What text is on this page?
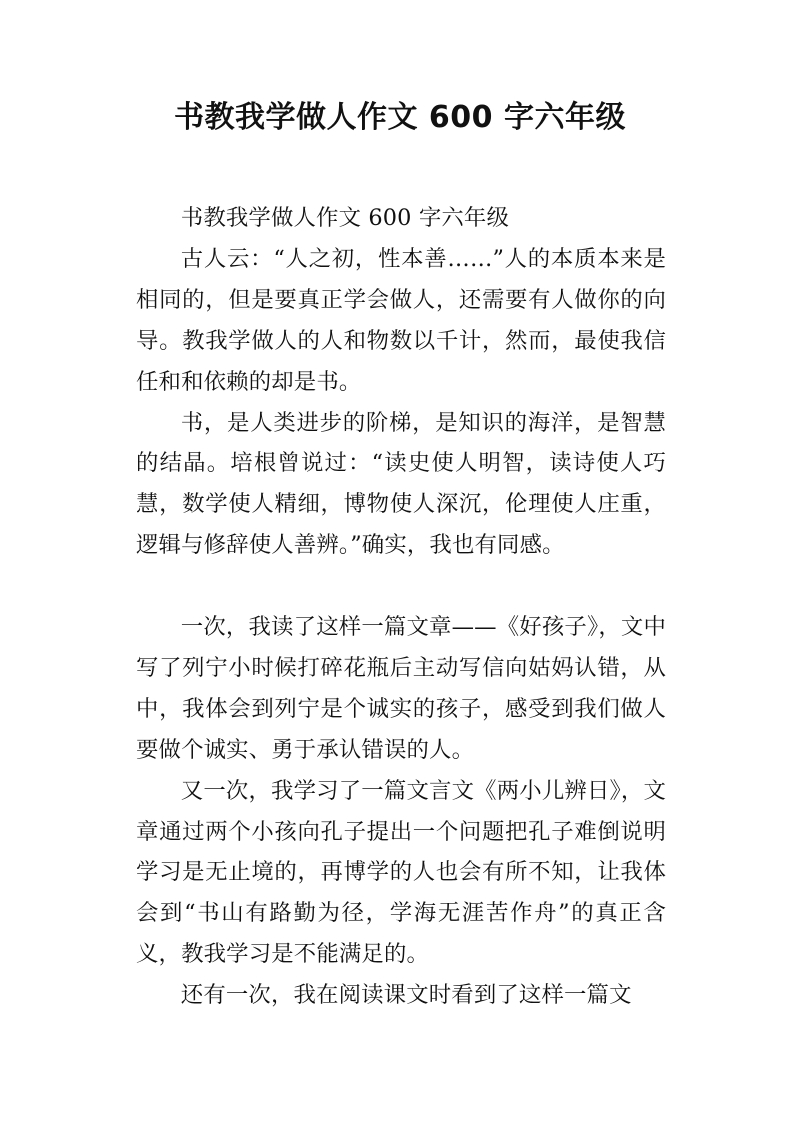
书教我学做人作文 600 字六年级

书教我学做人作文 600 字六年级

古人云：“人之初，性本善……”人的本质本来是相同的，但是要真正学会做人，还需要有人做你的向导。教我学做人的人和物数以千计，然而，最使我信任和和依赖的却是书。

书，是人类进步的阶梯，是知识的海洋，是智慧的结晶。培根曾说过：“读史使人明智，读诗使人巧慧，数学使人精细，博物使人深沉，伦理使人庄重，逻辑与修辞使人善辨。”确实，我也有同感。

一次，我读了这样一篇文章——《好孩子》，文中写了列宁小时候打碎花瓶后主动写信向姑妈认错，从中，我体会到列宁是个诚实的孩子，感受到我们做人要做个诚实、勇于承认错误的人。

又一次，我学习了一篇文言文《两小儿辨日》，文章通过两个小孩向孔子提出一个问题把孔子难倒说明学习是无止境的，再博学的人也会有所不知，让我体会到“书山有路勤为径，学海无涯苦作舟”的真正含义，教我学习是不能满足的。

还有一次，我在阅读课文时看到了这样一篇文
